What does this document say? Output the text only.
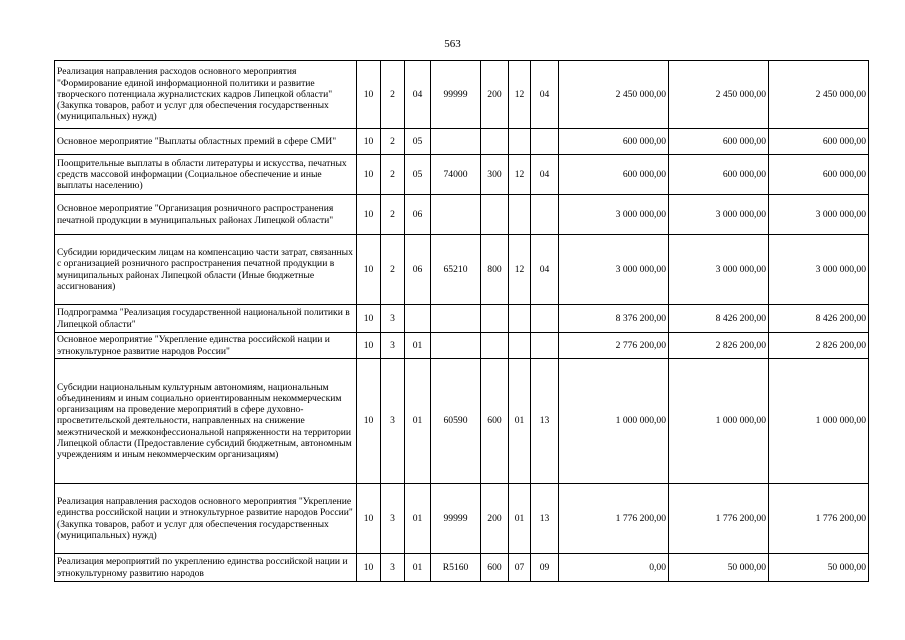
563
Реализация направления расходов основного мероприятия "Формирование единой информационной политики и развитие творческого потенциала журналистских кадров Липецкой области" (Закупка товаров, работ и услуг для обеспечения государственных (муниципальных) нужд)	10	2	04	99999	200	12	04	2 450 000,00	2 450 000,00	2 450 000,00
Основное мероприятие "Выплаты областных премий в сфере СМИ"	10	2	05					600 000,00	600 000,00	600 000,00
Поощрительные выплаты в области литературы и искусства, печатных средств массовой информации (Социальное обеспечение и иные выплаты населению)	10	2	05	74000	300	12	04	600 000,00	600 000,00	600 000,00
Основное мероприятие "Организация розничного распространения печатной продукции в муниципальных районах Липецкой области"	10	2	06					3 000 000,00	3 000 000,00	3 000 000,00
Субсидии юридическим лицам на компенсацию части затрат, связанных с организацией розничного распространения печатной продукции в муниципальных районах Липецкой области (Иные бюджетные ассигнования)	10	2	06	65210	800	12	04	3 000 000,00	3 000 000,00	3 000 000,00
Подпрограмма "Реализация государственной национальной политики в Липецкой области"	10	3						8 376 200,00	8 426 200,00	8 426 200,00
Основное мероприятие "Укрепление единства российской нации и этнокультурное развитие народов России"	10	3	01					2 776 200,00	2 826 200,00	2 826 200,00
Субсидии национальным культурным автономиям, национальным объединениям и иным социально ориентированным некоммерческим организациям на проведение мероприятий в сфере духовно-просветительской деятельности, направленных на снижение межэтнической и межконфессиональной напряженности на территории Липецкой области (Предоставление субсидий бюджетным, автономным учреждениям и иным некоммерческим организациям)	10	3	01	60590	600	01	13	1 000 000,00	1 000 000,00	1 000 000,00
Реализация направления расходов основного мероприятия "Укрепление единства российской нации и этнокультурное развитие народов России" (Закупка товаров, работ и услуг для обеспечения государственных (муниципальных) нужд)	10	3	01	99999	200	01	13	1 776 200,00	1 776 200,00	1 776 200,00
Реализация мероприятий по укреплению единства российской нации и этнокультурному развитию народов	10	3	01	R5160	600	07	09	0,00	50 000,00	50 000,00
